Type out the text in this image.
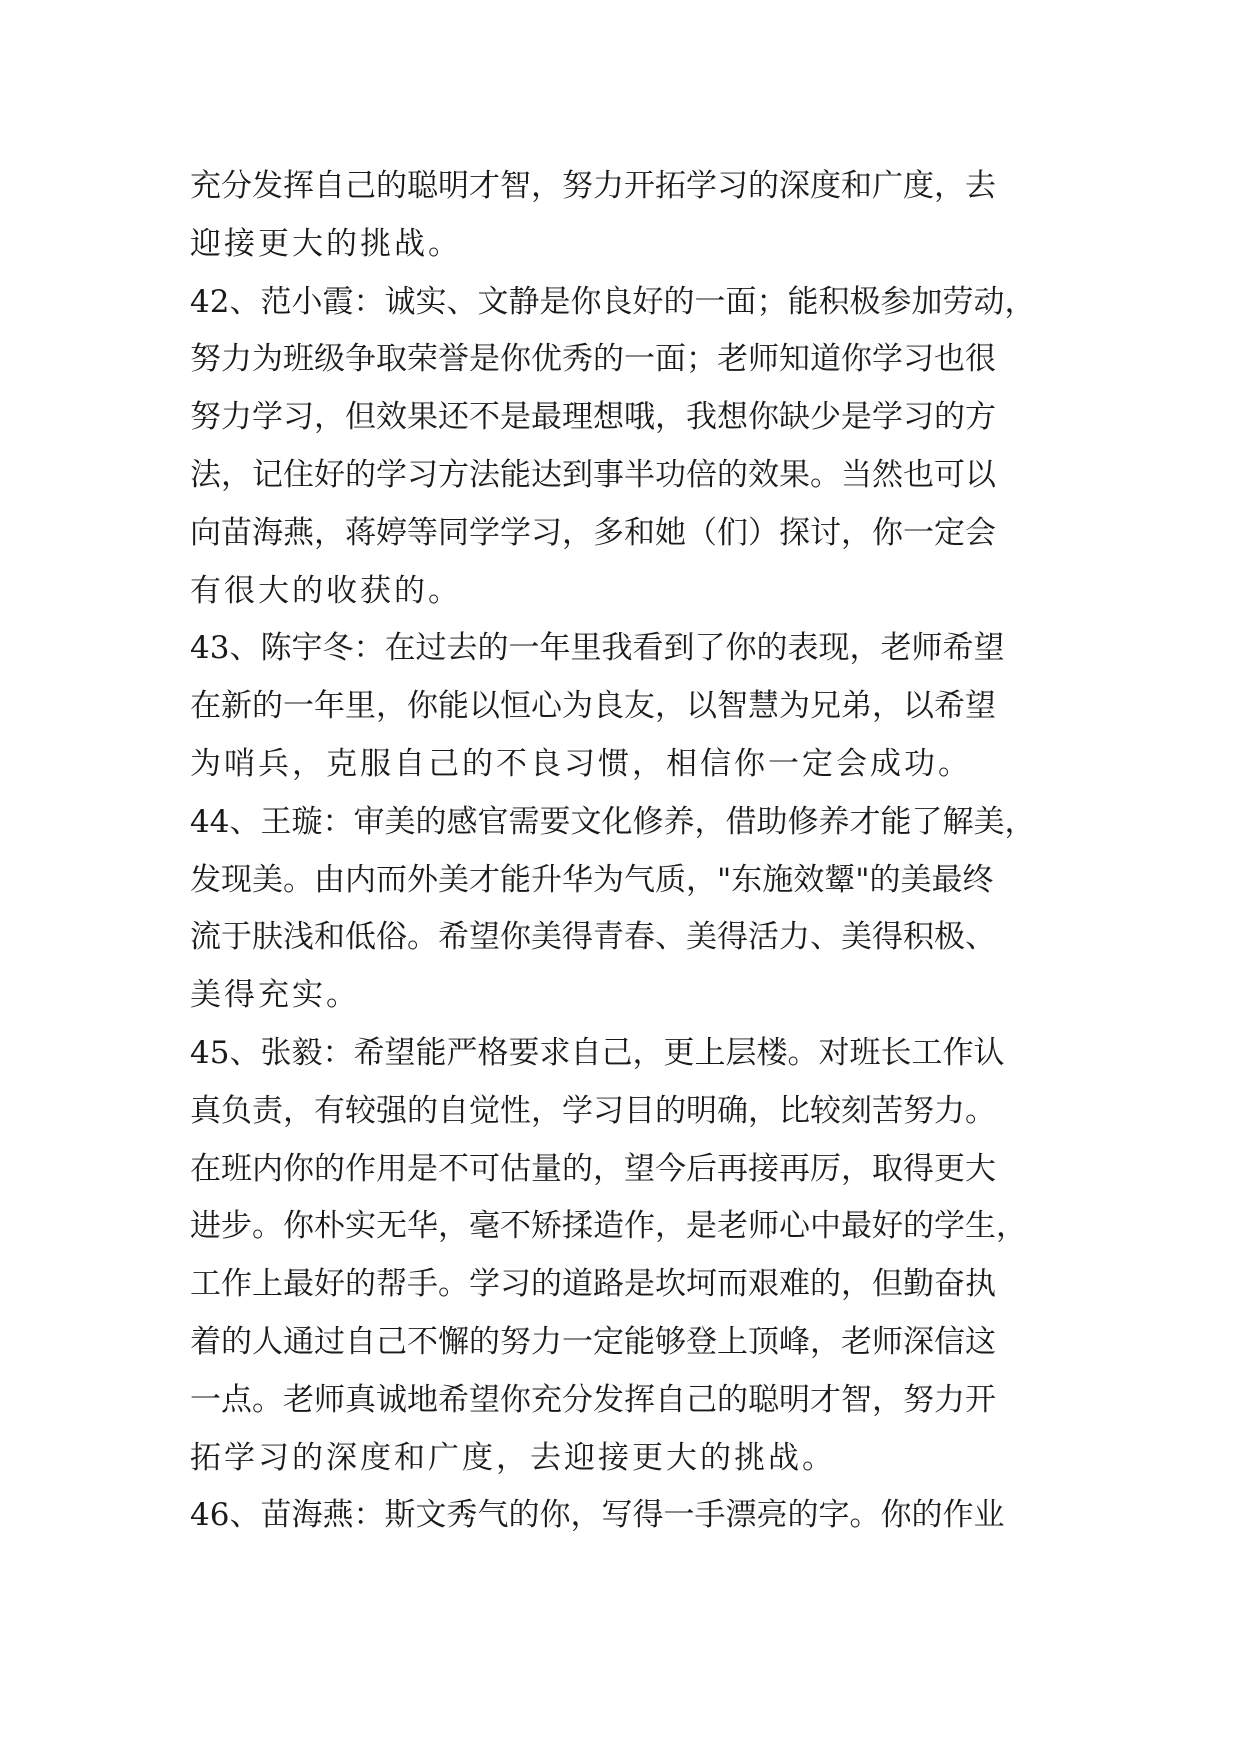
充分发挥自己的聪明才智，努力开拓学习的深度和广度，去
迎接更大的挑战。
42、范小霞：诚实、文静是你良好的一面；能积极参加劳动，
努力为班级争取荣誉是你优秀的一面；老师知道你学习也很
努力学习，但效果还不是最理想哦，我想你缺少是学习的方
法，记住好的学习方法能达到事半功倍的效果。当然也可以
向苗海燕，蒋婷等同学学习，多和她（们）探讨，你一定会
有很大的收获的。
43、陈宇冬：在过去的一年里我看到了你的表现，老师希望
在新的一年里，你能以恒心为良友，以智慧为兄弟，以希望
为哨兵，克服自己的不良习惯，相信你一定会成功。
44、王璇：审美的感官需要文化修养，借助修养才能了解美，
发现美。由内而外美才能升华为气质，"东施效颦"的美最终
流于肤浅和低俗。希望你美得青春、美得活力、美得积极、
美得充实。
45、张毅：希望能严格要求自己，更上层楼。对班长工作认
真负责，有较强的自觉性，学习目的明确，比较刻苦努力。
在班内你的作用是不可估量的，望今后再接再厉，取得更大
进步。你朴实无华，毫不矫揉造作，是老师心中最好的学生，
工作上最好的帮手。学习的道路是坎坷而艰难的，但勤奋执
着的人通过自己不懈的努力一定能够登上顶峰，老师深信这
一点。老师真诚地希望你充分发挥自己的聪明才智，努力开
拓学习的深度和广度，去迎接更大的挑战。
46、苗海燕：斯文秀气的你，写得一手漂亮的字。你的作业
